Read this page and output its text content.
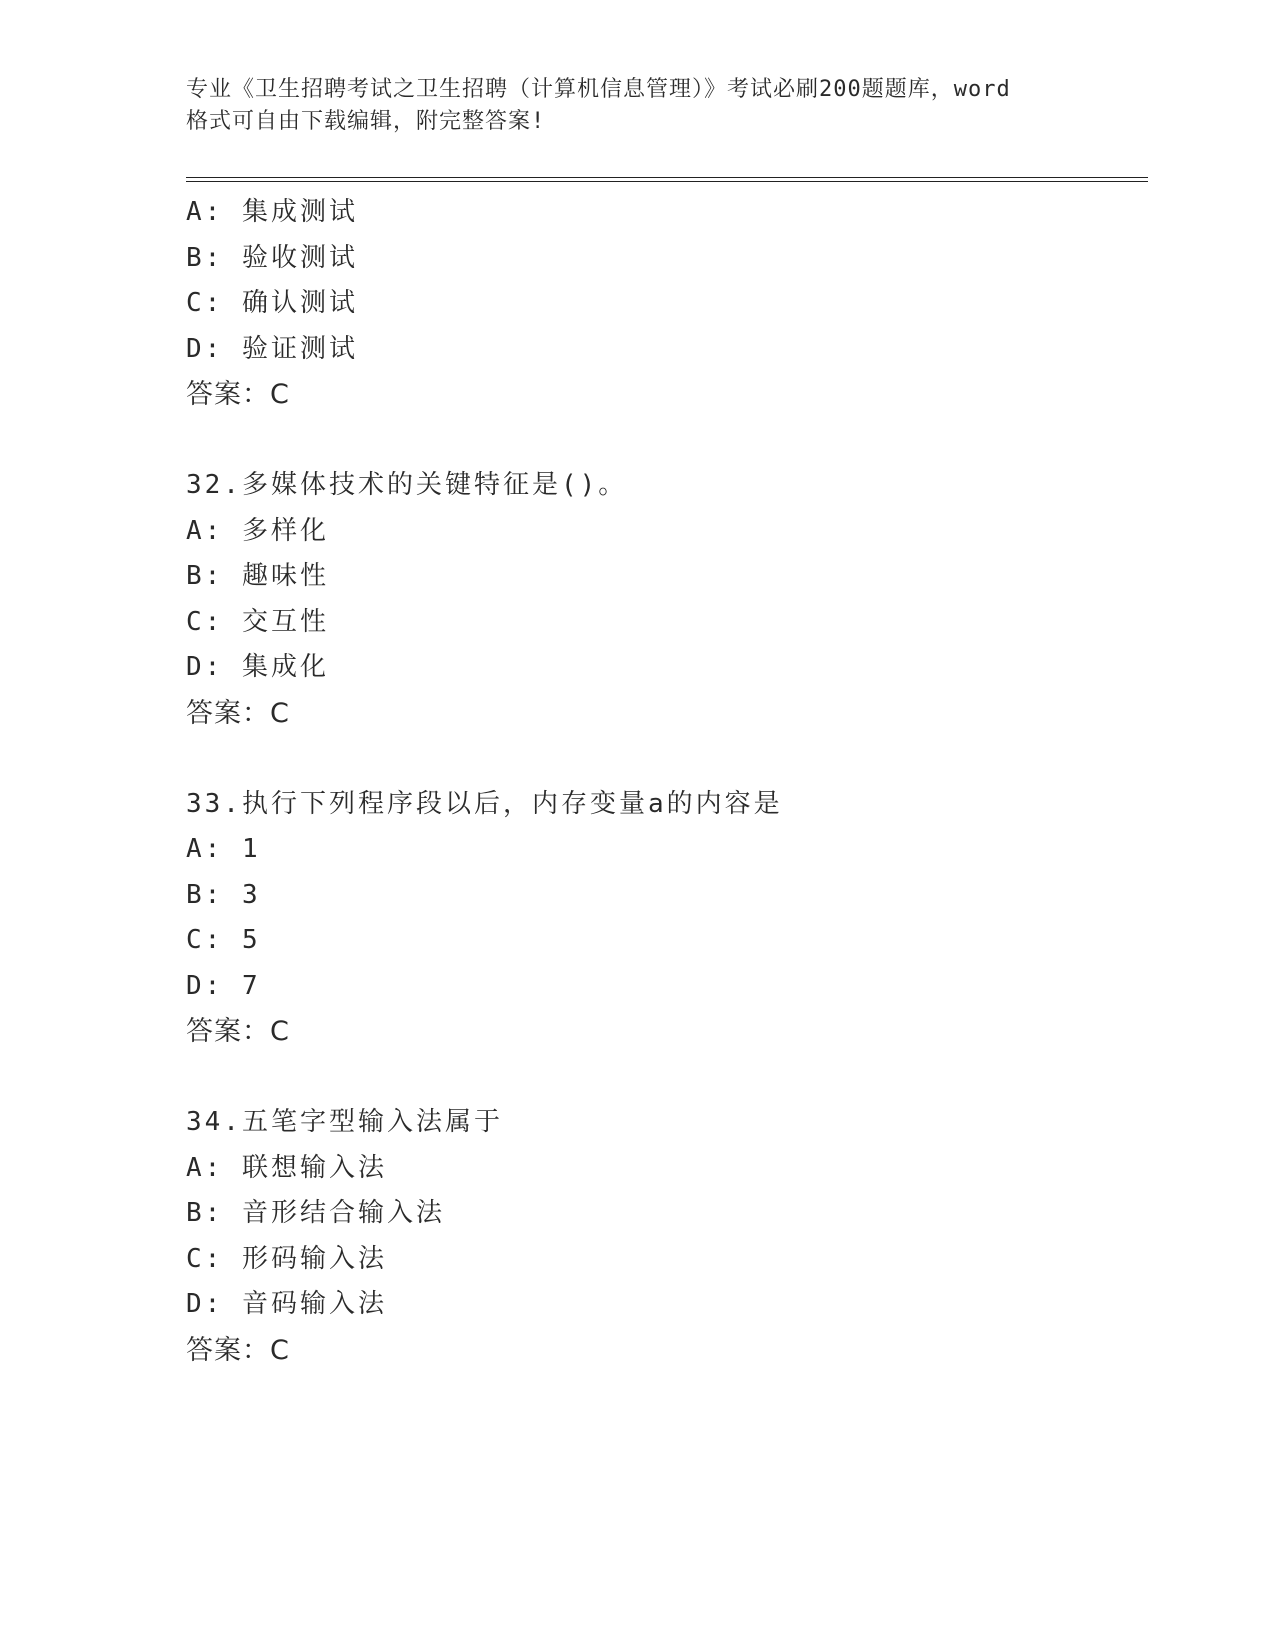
专业《卫生招聘考试之卫生招聘（计算机信息管理）》考试必刷200题题库，word
格式可自由下载编辑，附完整答案!
A: 集成测试
B: 验收测试
C: 确认测试
D: 验证测试
答案：C
32.多媒体技术的关键特征是()。
A: 多样化
B: 趣味性
C: 交互性
D: 集成化
答案：C
33.执行下列程序段以后，内存变量a的内容是
A: 1
B: 3
C: 5
D: 7
答案：C
34.五笔字型输入法属于
A: 联想输入法
B: 音形结合输入法
C: 形码输入法
D: 音码输入法
答案：C
